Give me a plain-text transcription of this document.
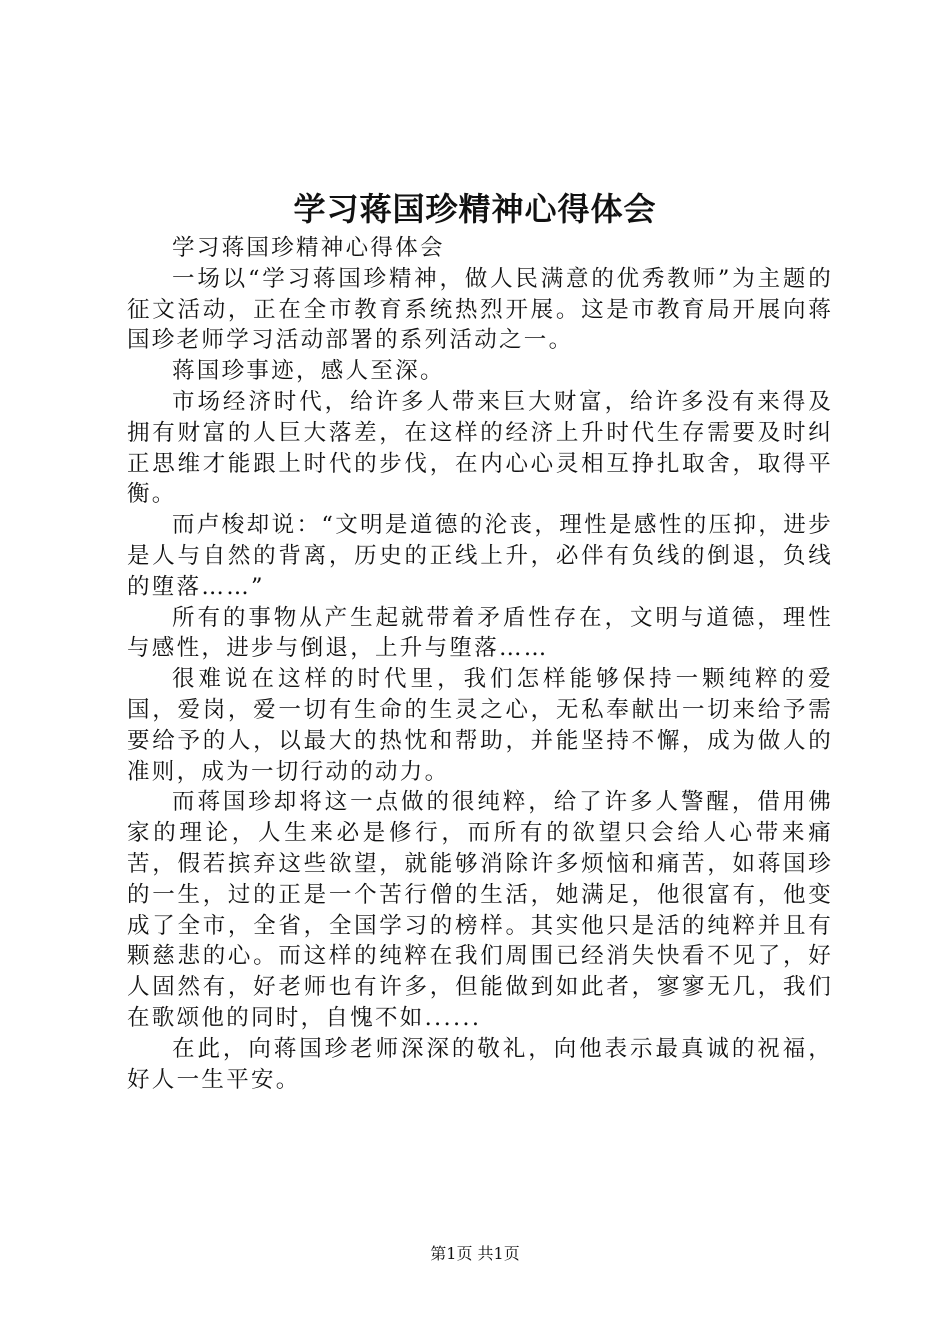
学习蒋国珍精神心得体会

学习蒋国珍精神心得体会

一场以“学习蒋国珍精神，做人民满意的优秀教师”为主题的征文活动，正在全市教育系统热烈开展。这是市教育局开展向蒋国珍老师学习活动部署的系列活动之一。

蒋国珍事迹，感人至深。

市场经济时代，给许多人带来巨大财富，给许多没有来得及拥有财富的人巨大落差，在这样的经济上升时代生存需要及时纠正思维才能跟上时代的步伐，在内心心灵相互挣扎取舍，取得平衡。

而卢梭却说：“文明是道德的沦丧，理性是感性的压抑，进步是人与自然的背离，历史的正线上升，必伴有负线的倒退，负线的堕落……”

所有的事物从产生起就带着矛盾性存在，文明与道德，理性与感性，进步与倒退，上升与堕落……

很难说在这样的时代里，我们怎样能够保持一颗纯粹的爱国，爱岗，爱一切有生命的生灵之心，无私奉献出一切来给予需要给予的人，以最大的热忱和帮助，并能坚持不懈，成为做人的准则，成为一切行动的动力。

而蒋国珍却将这一点做的很纯粹，给了许多人警醒，借用佛家的理论，人生来必是修行，而所有的欲望只会给人心带来痛苦，假若摈弃这些欲望，就能够消除许多烦恼和痛苦，如蒋国珍的一生，过的正是一个苦行僧的生活，她满足，他很富有，他变成了全市，全省，全国学习的榜样。其实他只是活的纯粹并且有颗慈悲的心。而这样的纯粹在我们周围已经消失快看不见了，好人固然有，好老师也有许多，但能做到如此者，寥寥无几，我们在歌颂他的同时，自愧不如......

在此，向蒋国珍老师深深的敬礼，向他表示最真诚的祝福，好人一生平安。

第1页 共1页
